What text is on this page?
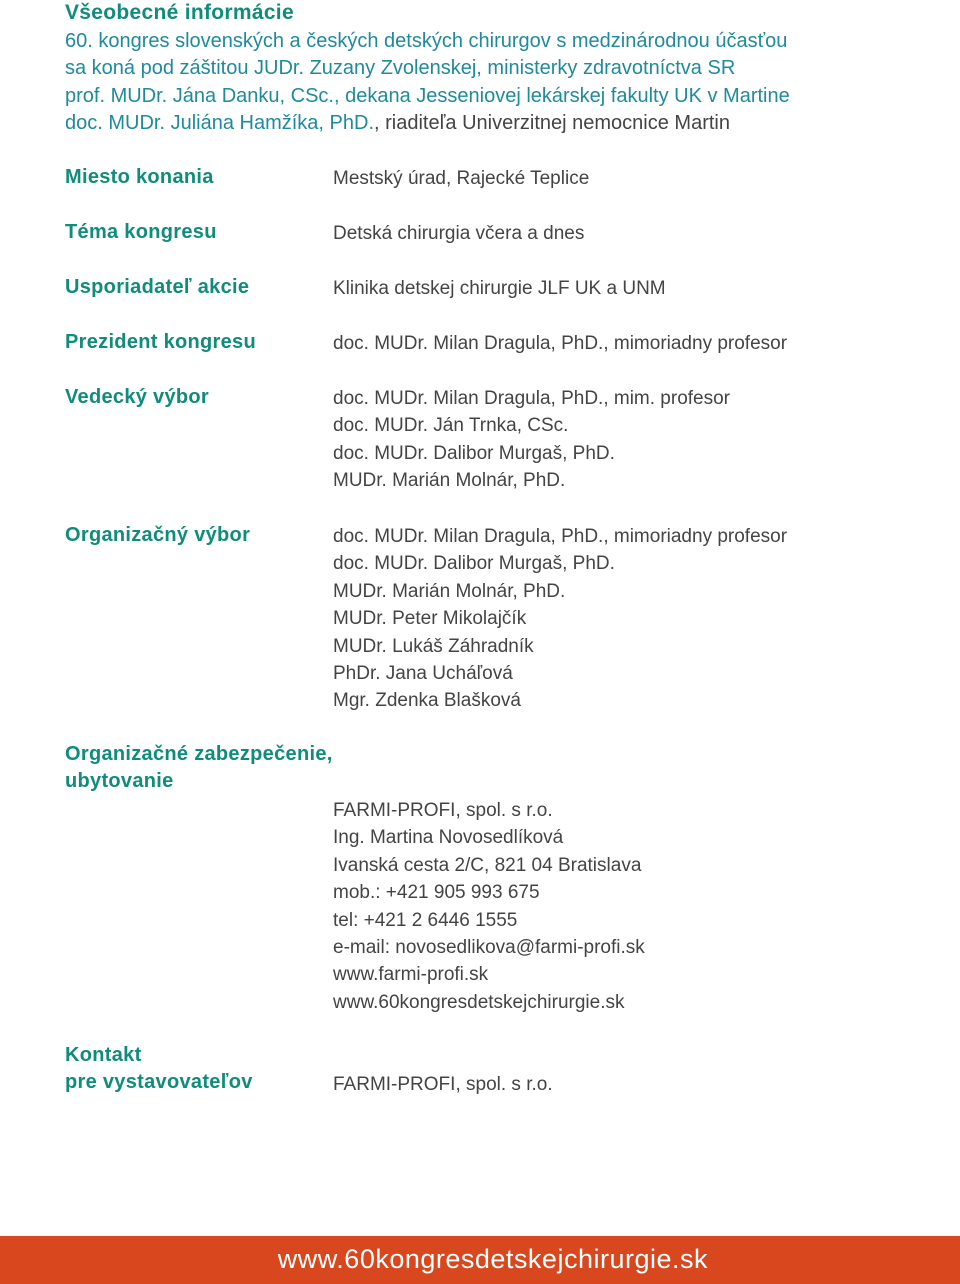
Všeobecné informácie
60. kongres slovenských a českých detských chirurgov s medzinárodnou účasťou
sa koná pod záštitou JUDr. Zuzany Zvolenskej, ministerky zdravotníctva SR
prof. MUDr. Jána Danku, CSc., dekana Jesseniovej lekárskej fakulty UK v Martine
doc. MUDr. Juliána Hamžíka, PhD., riaditeľa Univerzitnej nemocnice Martin
Miesto konania	Mestský úrad, Rajecké Teplice
Téma kongresu	Detská chirurgia včera a dnes
Usporiadateľ akcie	Klinika detskej chirurgie JLF UK a UNM
Prezident kongresu	doc. MUDr. Milan Dragula, PhD., mimoriadny profesor
Vedecký výbor	doc. MUDr. Milan Dragula, PhD., mim. profesor
doc. MUDr. Ján Trnka, CSc.
doc. MUDr. Dalibor Murgaš, PhD.
MUDr. Marián Molnár, PhD.
Organizačný výbor	doc. MUDr. Milan Dragula, PhD., mimoriadny profesor
doc. MUDr. Dalibor Murgaš, PhD.
MUDr. Marián Molnár, PhD.
MUDr. Peter Mikolajčík
MUDr. Lukáš Záhradník
PhDr. Jana Ucháľová
Mgr. Zdenka Blašková
Organizačné zabezpečenie,
ubytovanie
FARMI-PROFI, spol. s r.o.
Ing. Martina Novosedlíková
Ivanská cesta 2/C, 821 04 Bratislava
mob.: +421 905 993 675
tel: +421 2 6446 1555
e-mail: novosedlikova@farmi-profi.sk
www.farmi-profi.sk
www.60kongresdetskejchirurgie.sk
Kontakt
pre vystavovateľov	FARMI-PROFI, spol. s r.o.
www.60kongresdetskejchirurgie.sk
